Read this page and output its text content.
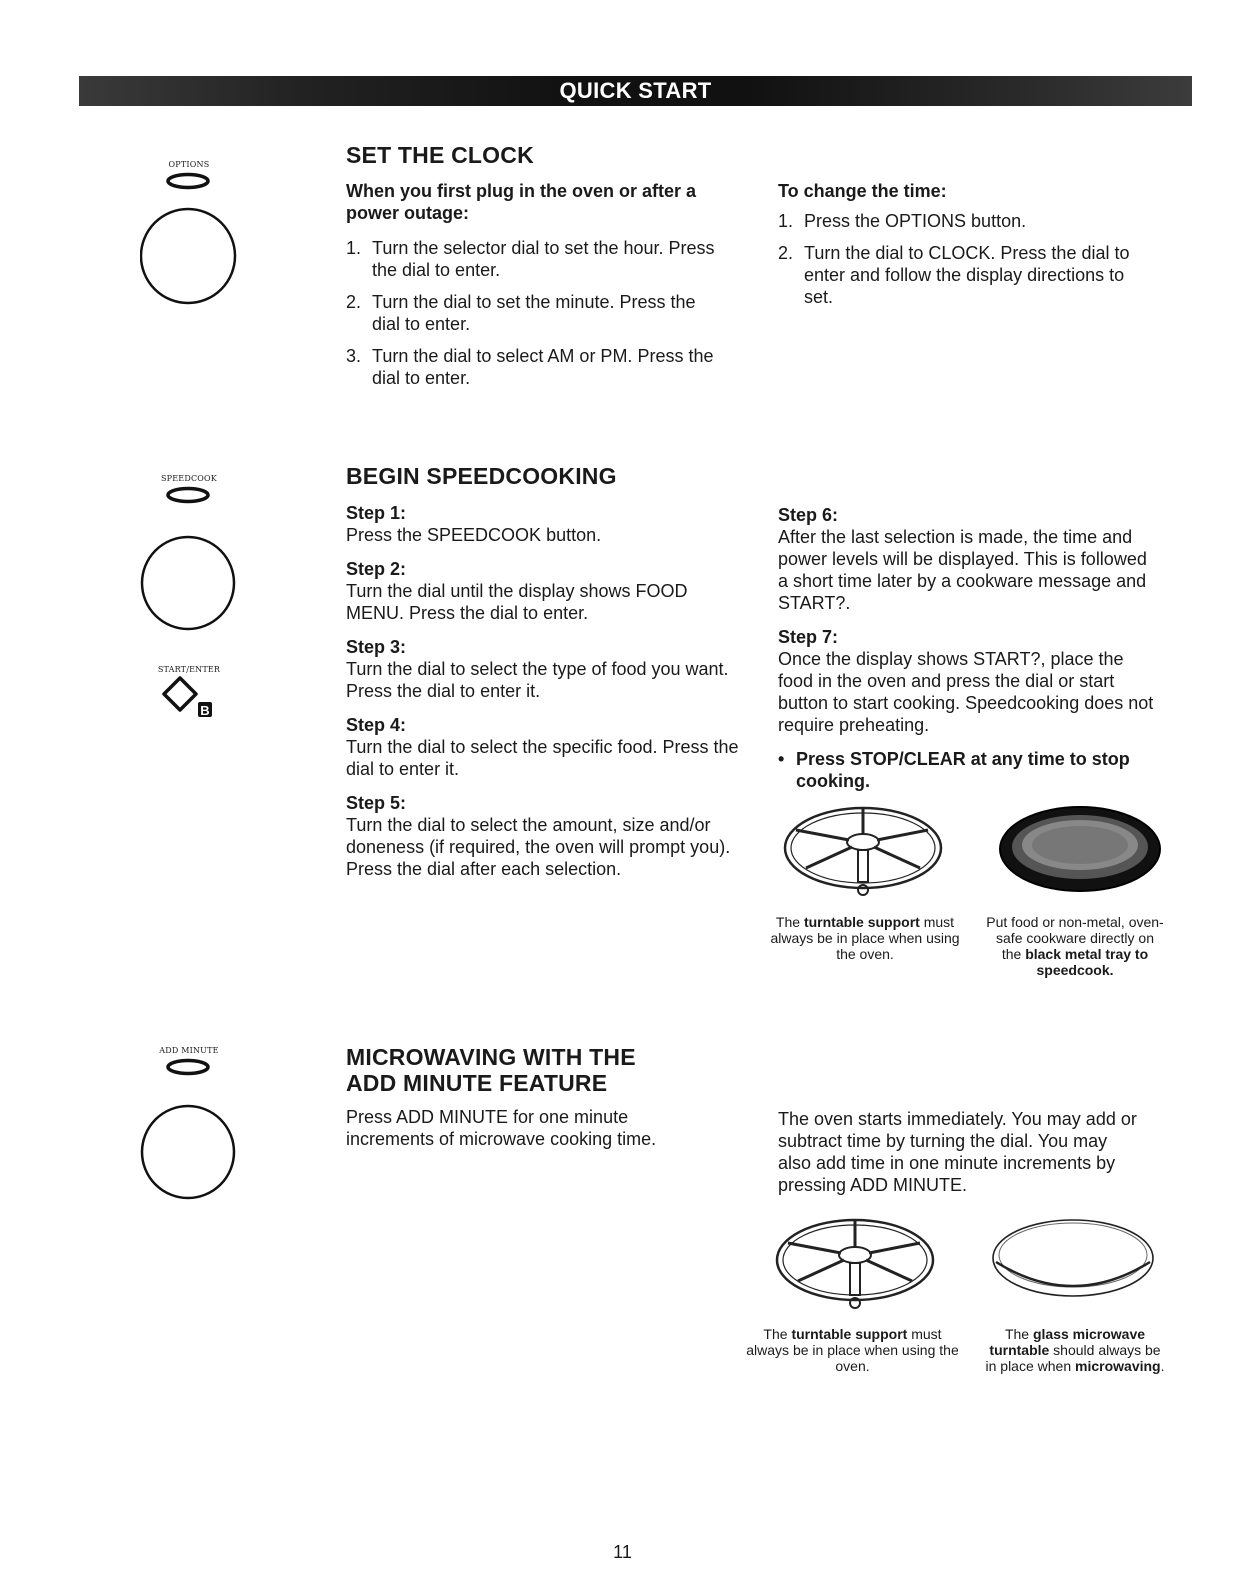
QUICK START
OPTIONS
SPEEDCOOK
START/ENTER
B
ADD MINUTE
SET THE CLOCK
When you first plug in the oven or after a power outage:
1. Turn the selector dial to set the hour. Press the dial to enter.
2. Turn the dial to set the minute. Press the dial to enter.
3. Turn the dial to select AM or PM. Press the dial to enter.
To change the time:
1. Press the OPTIONS button.
2. Turn the dial to CLOCK. Press the dial to enter and follow the display directions to set.
BEGIN SPEEDCOOKING
Step 1:
Press the SPEEDCOOK button.
Step 2:
Turn the dial until the display shows FOOD MENU. Press the dial to enter.
Step 3:
Turn the dial to select the type of food you want. Press the dial to enter it.
Step 4:
Turn the dial to select the specific food. Press the dial to enter it.
Step 5:
Turn the dial to select the amount, size and/or doneness (if required, the oven will prompt you). Press the dial after each selection.
Step 6:
After the last selection is made, the time and power levels will be displayed. This is followed a short time later by a cookware message and START?.
Step 7:
Once the display shows START?, place the food in the oven and press the dial or start button to start cooking. Speedcooking does not require preheating.
• Press STOP/CLEAR at any time to stop cooking.
The turntable support must always be in place when using the oven.
Put food or non-metal, oven-safe cookware directly on the black metal tray to speedcook.
MICROWAVING WITH THE
ADD MINUTE FEATURE
Press ADD MINUTE for one minute increments of microwave cooking time.
The oven starts immediately. You may add or subtract time by turning the dial. You may also add time in one minute increments by pressing ADD MINUTE.
The turntable support must always be in place when using the oven.
The glass microwave turntable should always be in place when microwaving.
11
